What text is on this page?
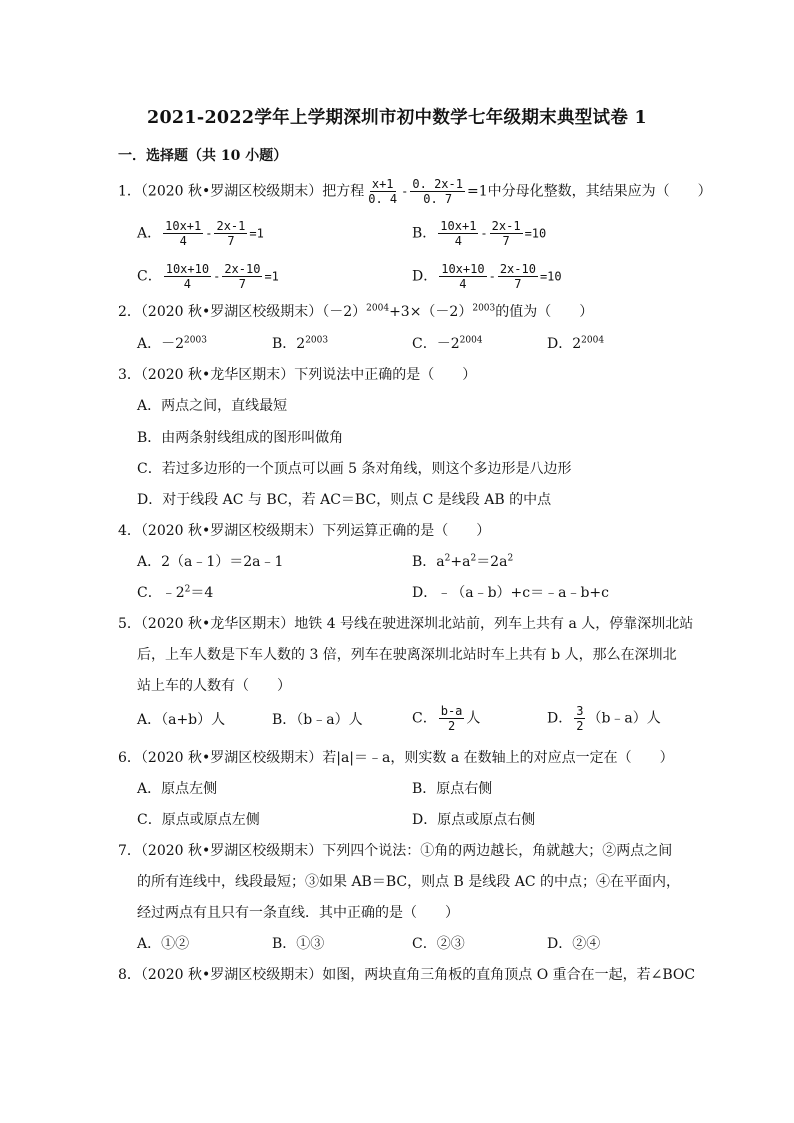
2021-2022学年上学期深圳市初中数学七年级期末典型试卷 1
一．选择题（共 10 小题）
1．（2020 秋•罗湖区校级期末）把方程 $\frac{x+1}{0. 4} - \frac{0. 2x-1}{0. 7} =1$中分母化整数，其结果应为（　　）
A． $\frac{10x+1}{4} - \frac{2x-1}{7} =1$	B． $\frac{10x+1}{4} - \frac{2x-1}{7} =10$
C． $\frac{10x+10}{4} - \frac{2x-10}{7} =1$	D． $\frac{10x+10}{4} - \frac{2x-10}{7} =10$
2．（2020 秋•罗湖区校级期末）$(-2)^{2004}+3\times(-2)^{2003}$的值为（　　）
A．$-2^{2003}$	B．$2^{2003}$	C．$-2^{2004}$	D．$2^{2004}$
3．（2020 秋•龙华区期末）下列说法中正确的是（　　）
A．两点之间，直线最短
B．由两条射线组成的图形叫做角
C．若过多边形的一个顶点可以画 5 条对角线，则这个多边形是八边形
D．对于线段 AC 与 BC，若 AC＝BC，则点 C 是线段 AB 的中点
4．（2020 秋•罗湖区校级期末）下列运算正确的是（　　）
A．2（a﹣1）＝2a﹣1	B．$a^2+a^2=2a^2$
C．$﹣2^2=4$	D．﹣（a﹣b）+c＝﹣a﹣b+c
5．（2020 秋•龙华区期末）地铁 4 号线在驶进深圳北站前，列车上共有 a 人，停靠深圳北站
后，上车人数是下车人数的 3 倍，列车在驶离深圳北站时车上共有 b 人，那么在深圳北
站上车的人数有（　　）
A．（a+b）人	B．（b﹣a）人	C． $\frac{b-a}{2}$ 人	D． $\frac{3}{2}$ （b﹣a）人
6．（2020 秋•罗湖区校级期末）若|a|＝﹣a，则实数 a 在数轴上的对应点一定在（　　）
A．原点左侧	B．原点右侧
C．原点或原点左侧	D．原点或原点右侧
7．（2020 秋•罗湖区校级期末）下列四个说法：①角的两边越长，角就越大；②两点之间
的所有连线中，线段最短；③如果 AB＝BC，则点 B 是线段 AC 的中点；④在平面内，
经过两点有且只有一条直线．其中正确的是（　　）
A．①②	B．①③	C．②③	D．②④
8．（2020 秋•罗湖区校级期末）如图，两块直角三角板的直角顶点 O 重合在一起，若∠BOC
